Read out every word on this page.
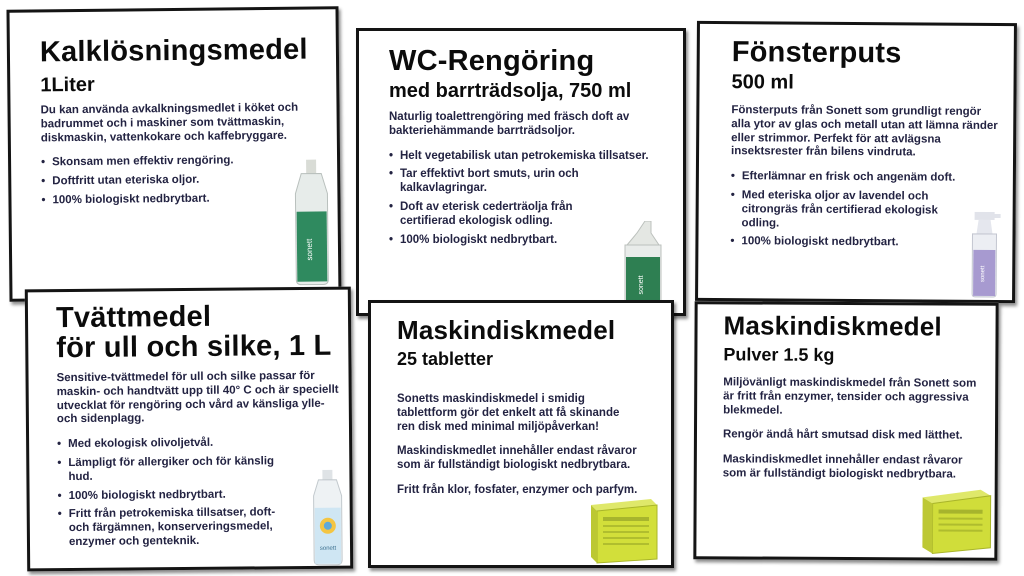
Kalklösningsmedel
1Liter

Du kan använda avkalkningsmedlet i köket och badrummet och i maskiner som tvättmaskin, diskmaskin, vattenkokare och kaffebryggare.

• Skonsam men effektiv rengöring.
• Doftfritt utan eteriska oljor.
• 100% biologiskt nedbrytbart.
sonett
WC-Rengöring
med barrträdsolja, 750 ml

Naturlig toalettrengöring med fräsch doft av bakteriehämmande barrträdsoljor.

• Helt vegetabilisk utan petrokemiska tillsatser.
• Tar effektivt bort smuts, urin och kalkavlagringar.
• Doft av eterisk cederträolja från certifierad ekologisk odling.
• 100% biologiskt nedbrytbart.
sonett
Fönsterputs
500 ml

Fönsterputs från Sonett som grundligt rengör alla ytor av glas och metall utan att lämna ränder eller strimmor. Perfekt för att avlägsna insektsrester från bilens vindruta.

• Efterlämnar en frisk och angenäm doft.
• Med eteriska oljor av lavendel och citrongräs från certifierad ekologisk odling.
• 100% biologiskt nedbrytbart.
sonett
Tvättmedel
för ull och silke, 1 L

Sensitive-tvättmedel för ull och silke passar för maskin- och handtvätt upp till 40° C och är speciellt utvecklat för rengöring och vård av känsliga ylle- och sidenplagg.

• Med ekologisk olivoljetvål.
• Lämpligt för allergiker och för känslig hud.
• 100% biologiskt nedbrytbart.
• Fritt från petrokemiska tillsatser, doft- och färgämnen, konserveringsmedel, enzymer och genteknik.
sonett
Maskindiskmedel
25 tabletter

Sonetts maskindiskmedel i smidig tablettform gör det enkelt att få skinande ren disk med minimal miljöpåverkan!

Maskindiskmedlet innehåller endast råvaror som är fullständigt biologiskt nedbrytbara.

Fritt från klor, fosfater, enzymer och parfym.

Maskindiskmedel
Pulver 1.5 kg

Miljövänligt maskindiskmedel från Sonett som är fritt från enzymer, tensider och aggressiva blekmedel.

Rengör ändå hårt smutsad disk med lätthet.

Maskindiskmedlet innehåller endast råvaror som är fullständigt biologiskt nedbrytbara.
